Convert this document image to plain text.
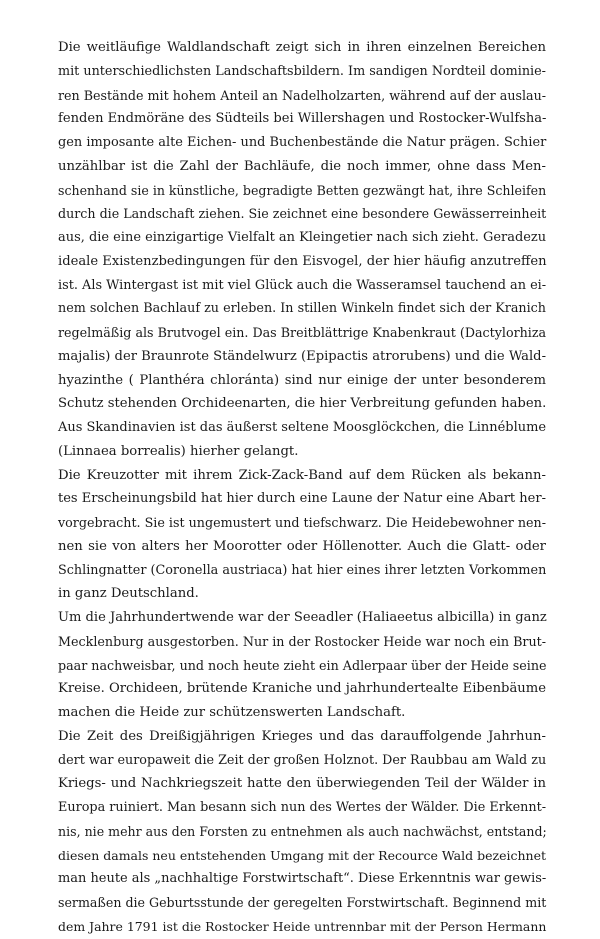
Die weitläufige Waldlandschaft zeigt sich in ihren einzelnen Bereichen
mit unterschiedlichsten Landschaftsbildern. Im sandigen Nordteil dominie-
ren Bestände mit hohem Anteil an Nadelholzarten, während auf der auslau-
fenden Endmöräne des Südteils bei Willershagen und Rostocker-Wulfsha-
gen imposante alte Eichen- und Buchenbestände die Natur prägen. Schier
unzählbar ist die Zahl der Bachläufe, die noch immer, ohne dass Men-
schenhand sie in künstliche, begradigte Betten gezwängt hat, ihre Schleifen
durch die Landschaft ziehen. Sie zeichnet eine besondere Gewässerreinheit
aus, die eine einzigartige Vielfalt an Kleingetier nach sich zieht. Geradezu
ideale Existenzbedingungen für den Eisvogel, der hier häufig anzutreffen
ist. Als Wintergast ist mit viel Glück auch die Wasseramsel tauchend an ei-
nem solchen Bachlauf zu erleben. In stillen Winkeln findet sich der Kranich
regelmäßig als Brutvogel ein. Das Breitblättrige Knabenkraut (Dactylorhiza
majalis) der Braunrote Ständelwurz (Epipactis atrorubens) und die Wald-
hyazinthe ( Planthéra chloránta) sind nur einige der unter besonderem
Schutz stehenden Orchideenarten, die hier Verbreitung gefunden haben.
Aus Skandinavien ist das äußerst seltene Moosglöckchen, die Linnéblume
(Linnaea borrealis) hierher gelangt.
Die Kreuzotter mit ihrem Zick-Zack-Band auf dem Rücken als bekann-
tes Erscheinungsbild hat hier durch eine Laune der Natur eine Abart her-
vorgebracht. Sie ist ungemustert und tiefschwarz. Die Heidebewohner nen-
nen sie von alters her Moorotter oder Höllenotter. Auch die Glatt- oder
Schlingnatter (Coronella austriaca) hat hier eines ihrer letzten Vorkommen
in ganz Deutschland.
Um die Jahrhundertwende war der Seeadler (Haliaeetus albicilla) in ganz
Mecklenburg ausgestorben. Nur in der Rostocker Heide war noch ein Brut-
paar nachweisbar, und noch heute zieht ein Adlerpaar über der Heide seine
Kreise. Orchideen, brütende Kraniche und jahrhundertealte Eibenbäume
machen die Heide zur schützenswerten Landschaft.
Die Zeit des Dreißigjährigen Krieges und das darauffolgende Jahrhun-
dert war europaweit die Zeit der großen Holznot. Der Raubbau am Wald zu
Kriegs- und Nachkriegszeit hatte den überwiegenden Teil der Wälder in
Europa ruiniert. Man besann sich nun des Wertes der Wälder. Die Erkennt-
nis, nie mehr aus den Forsten zu entnehmen als auch nachwächst, entstand;
diesen damals neu entstehenden Umgang mit der Recource Wald bezeichnet
man heute als „nachhaltige Forstwirtschaft“. Diese Erkenntnis war gewis-
sermaßen die Geburtsstunde der geregelten Forstwirtschaft. Beginnend mit
dem Jahre 1791 ist die Rostocker Heide untrennbar mit der Person Hermann
